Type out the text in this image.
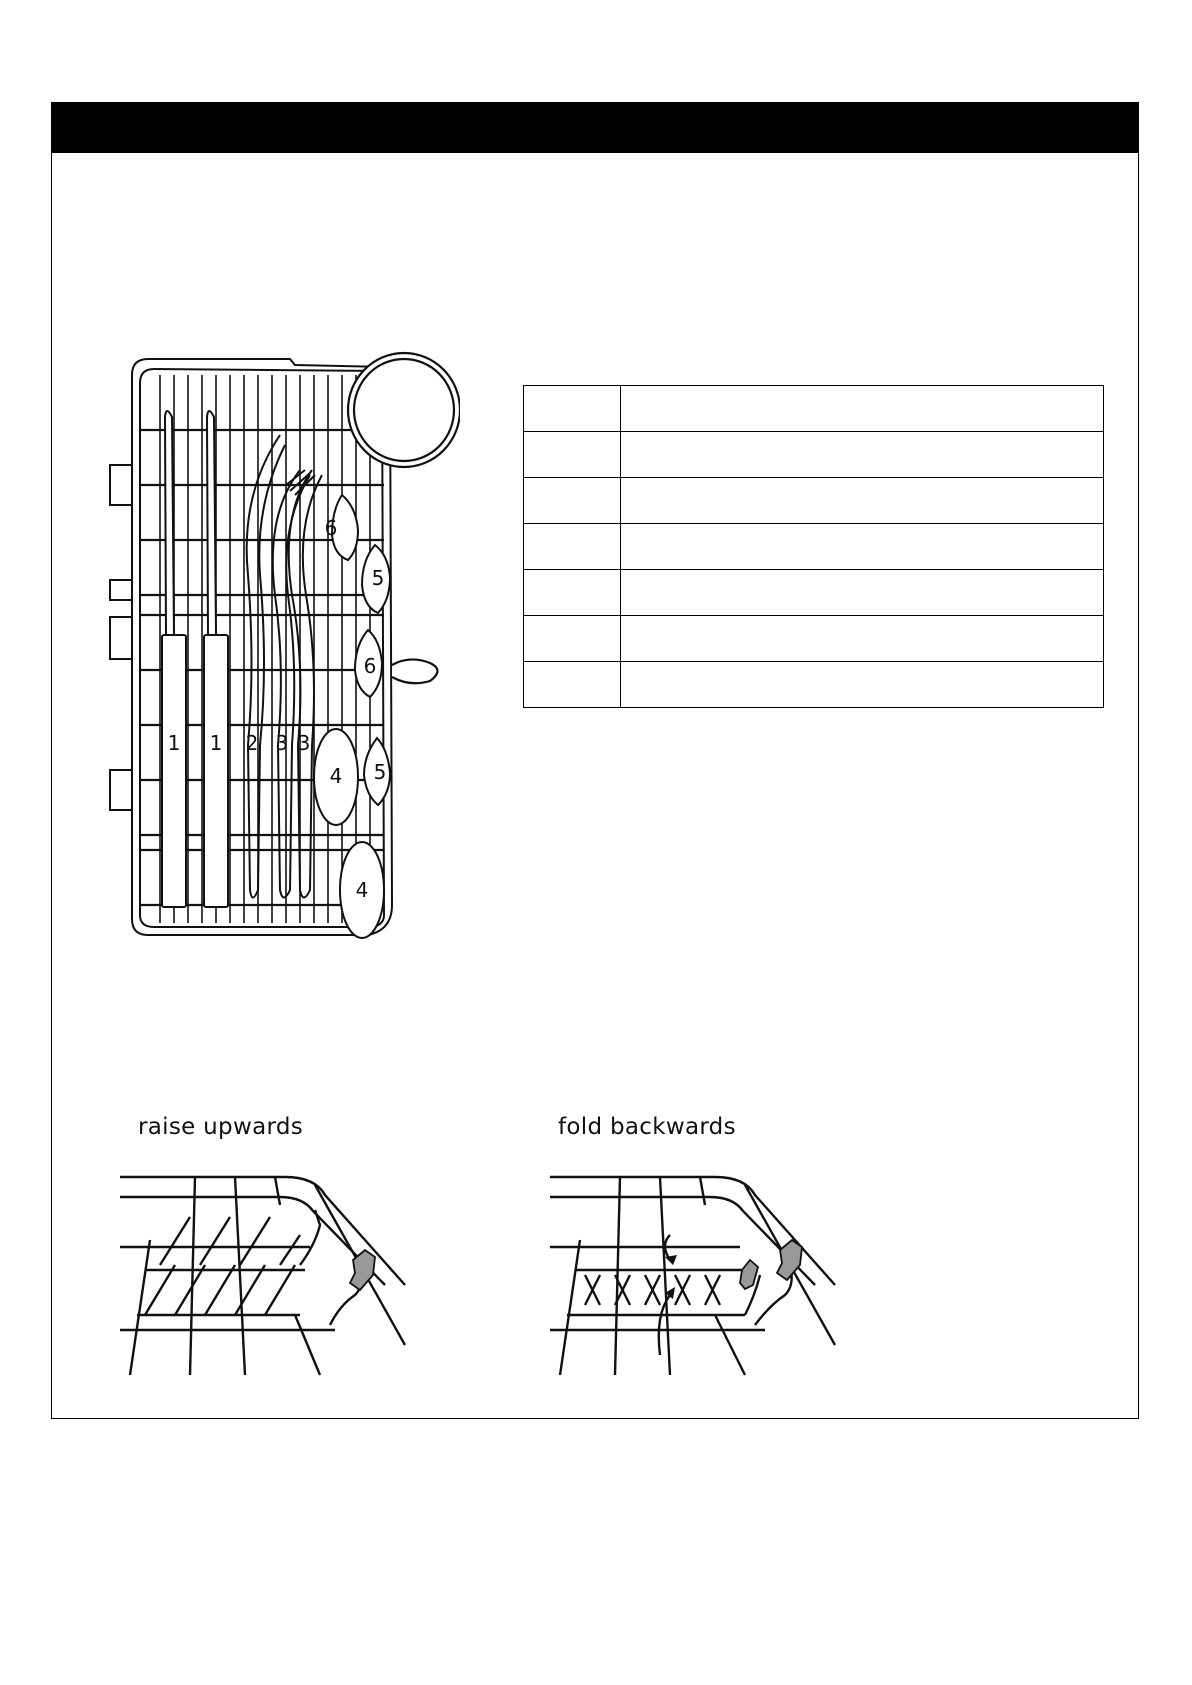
1 1 2 3 3
6
5
6
4 5
4

raise upwards	fold backwards
